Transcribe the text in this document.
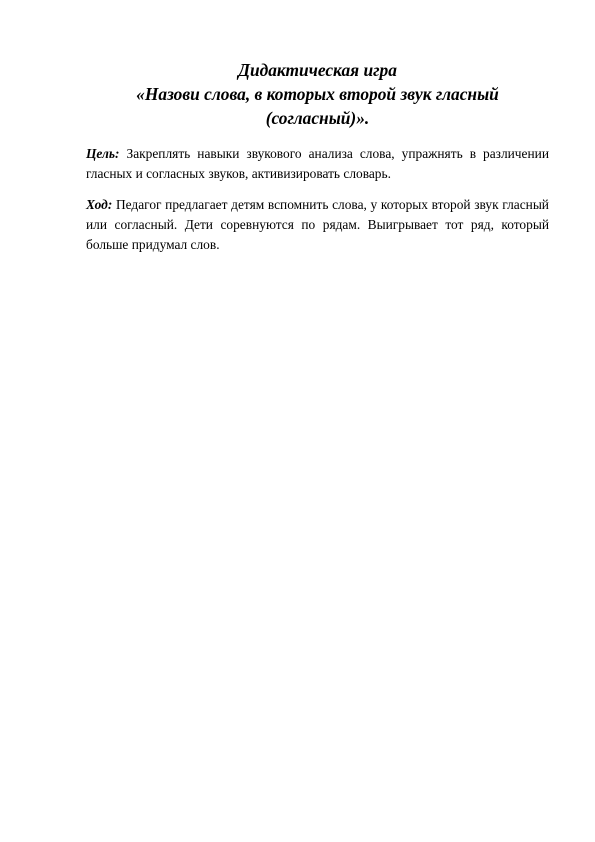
Дидактическая игра
«Назови слова, в которых второй звук гласный
(согласный)».

Цель: Закреплять навыки звукового анализа слова, упражнять в различении гласных и согласных звуков, активизировать словарь.

Ход: Педагог предлагает детям вспомнить слова, у которых второй звук гласный или согласный. Дети соревнуются по рядам. Выигрывает тот ряд, который больше придумал слов.
